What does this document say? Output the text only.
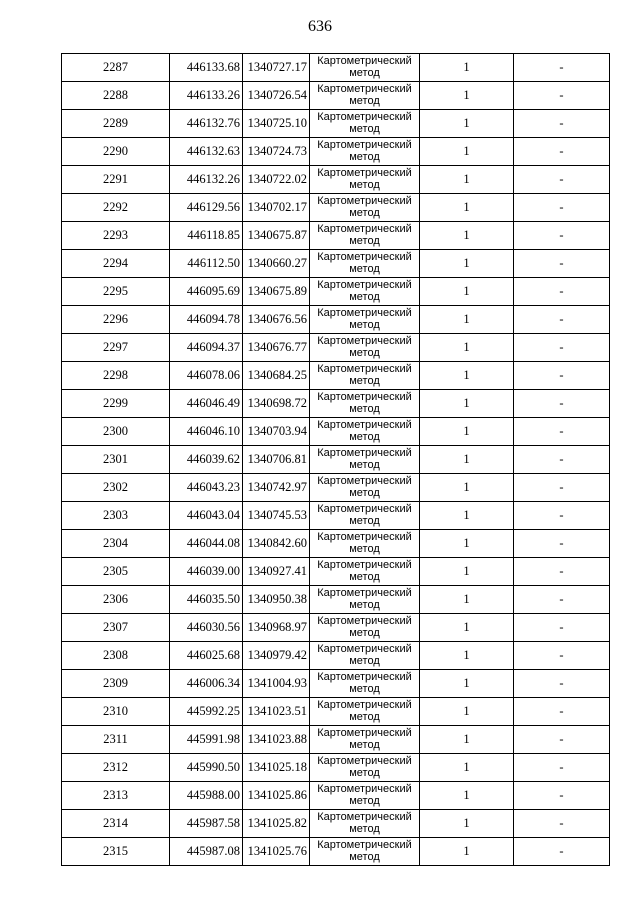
636
2287	446133.68	1340727.17	Картометрический
метод	1	-
2288	446133.26	1340726.54	Картометрический
метод	1	-
2289	446132.76	1340725.10	Картометрический
метод	1	-
2290	446132.63	1340724.73	Картометрический
метод	1	-
2291	446132.26	1340722.02	Картометрический
метод	1	-
2292	446129.56	1340702.17	Картометрический
метод	1	-
2293	446118.85	1340675.87	Картометрический
метод	1	-
2294	446112.50	1340660.27	Картометрический
метод	1	-
2295	446095.69	1340675.89	Картометрический
метод	1	-
2296	446094.78	1340676.56	Картометрический
метод	1	-
2297	446094.37	1340676.77	Картометрический
метод	1	-
2298	446078.06	1340684.25	Картометрический
метод	1	-
2299	446046.49	1340698.72	Картометрический
метод	1	-
2300	446046.10	1340703.94	Картометрический
метод	1	-
2301	446039.62	1340706.81	Картометрический
метод	1	-
2302	446043.23	1340742.97	Картометрический
метод	1	-
2303	446043.04	1340745.53	Картометрический
метод	1	-
2304	446044.08	1340842.60	Картометрический
метод	1	-
2305	446039.00	1340927.41	Картометрический
метод	1	-
2306	446035.50	1340950.38	Картометрический
метод	1	-
2307	446030.56	1340968.97	Картометрический
метод	1	-
2308	446025.68	1340979.42	Картометрический
метод	1	-
2309	446006.34	1341004.93	Картометрический
метод	1	-
2310	445992.25	1341023.51	Картометрический
метод	1	-
2311	445991.98	1341023.88	Картометрический
метод	1	-
2312	445990.50	1341025.18	Картометрический
метод	1	-
2313	445988.00	1341025.86	Картометрический
метод	1	-
2314	445987.58	1341025.82	Картометрический
метод	1	-
2315	445987.08	1341025.76	Картометрический
метод	1	-
